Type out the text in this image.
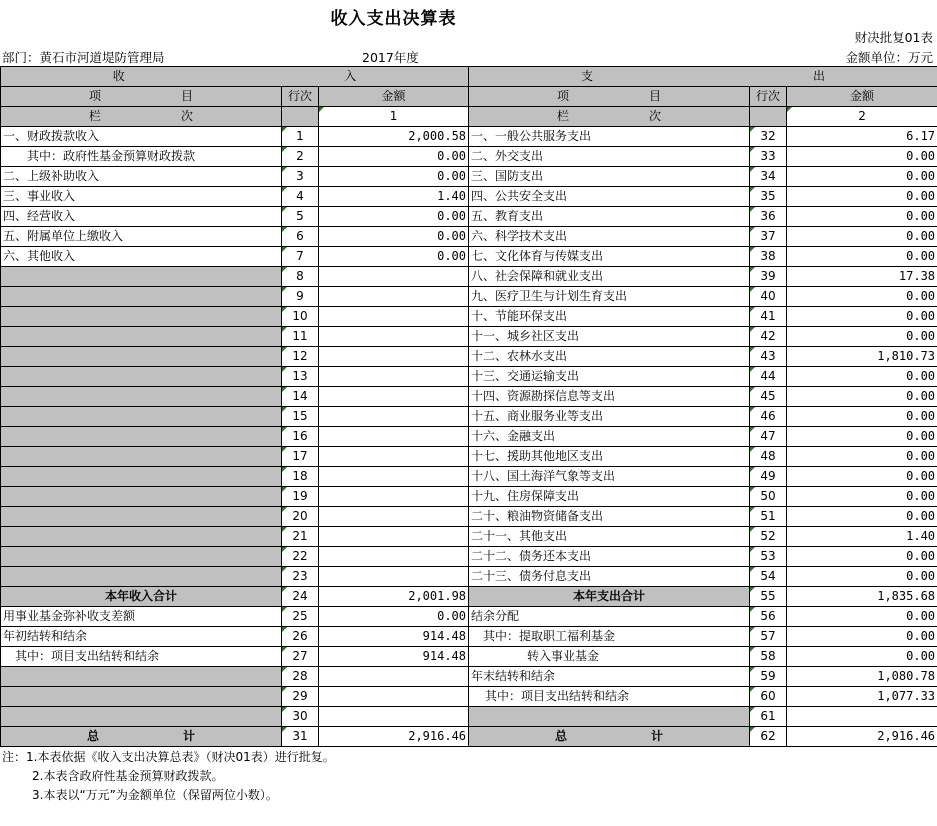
收入支出决算表
财决批复01表
部门：黄石市河道堤防管理局	2017年度	金额单位：万元
收 入			支 出		

项 目	行次	金额	项 目	行次	金额

栏 次		1	栏 次		2
一、财政拨款收入	1	2,000.58	一、一般公共服务支出	32	6.17
其中：政府性基金预算财政拨款	2	0.00	二、外交支出	33	0.00
二、上级补助收入	3	0.00	三、国防支出	34	0.00
三、事业收入	4	1.40	四、公共安全支出	35	0.00
四、经营收入	5	0.00	五、教育支出	36	0.00
五、附属单位上缴收入	6	0.00	六、科学技术支出	37	0.00
六、其他收入	7	0.00	七、文化体育与传媒支出	38	0.00
	8		八、社会保障和就业支出	39	17.38
	9		九、医疗卫生与计划生育支出	40	0.00
	10		十、节能环保支出	41	0.00
	11		十一、城乡社区支出	42	0.00
	12		十二、农林水支出	43	1,810.73
	13		十三、交通运输支出	44	0.00
	14		十四、资源勘探信息等支出	45	0.00
	15		十五、商业服务业等支出	46	0.00
	16		十六、金融支出	47	0.00
	17		十七、援助其他地区支出	48	0.00
	18		十八、国土海洋气象等支出	49	0.00
	19		十九、住房保障支出	50	0.00
	20		二十、粮油物资储备支出	51	0.00
	21		二十一、其他支出	52	1.40
	22		二十二、债务还本支出	53	0.00
	23		二十三、债务付息支出	54	0.00
本年收入合计	24	2,001.98	本年支出合计	55	1,835.68
用事业基金弥补收支差额	25	0.00	结余分配	56	0.00
年初结转和结余	26	914.48	其中：提取职工福利基金	57	0.00
其中：项目支出结转和结余	27	914.48	转入事业基金	58	0.00
	28		年末结转和结余	59	1,080.78
	29		其中：项目支出结转和结余	60	1,077.33
	30			61	

总 计	31	2,916.46	总 计	62	2,916.46
注：1.本表依据《收入支出决算总表》（财决01表）进行批复。
2.本表含政府性基金预算财政拨款。
3.本表以“万元”为金额单位（保留两位小数）。
